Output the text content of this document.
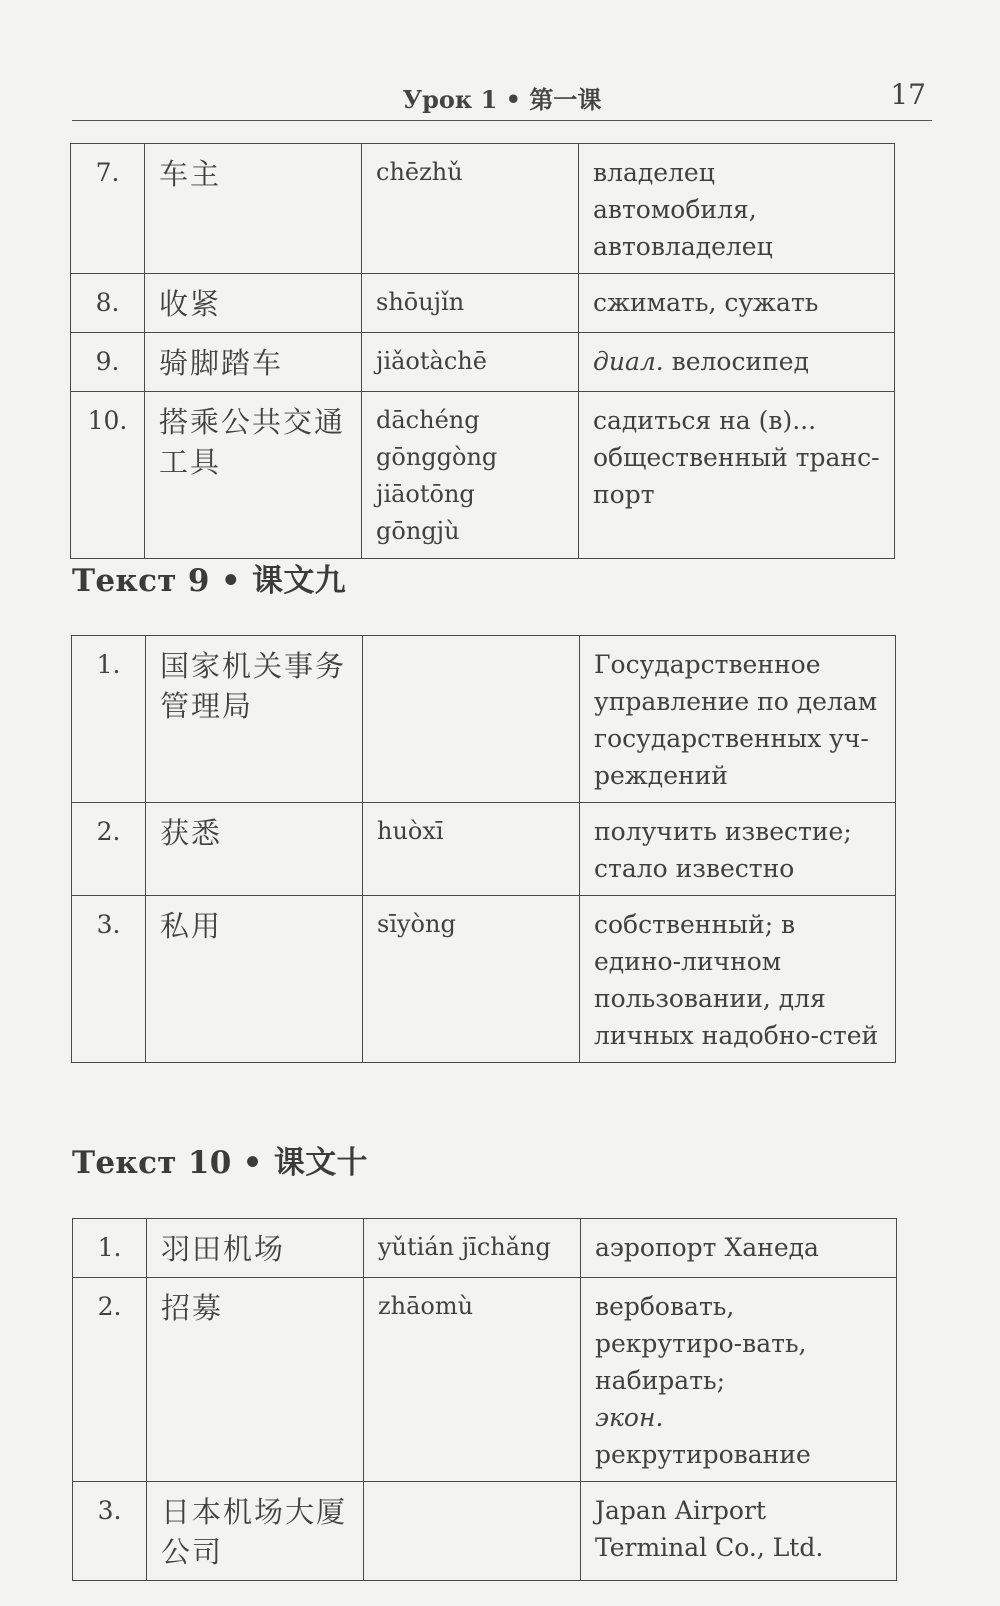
Урок 1 • 第一课	17
7.	车主	chēzhǔ	владелец автомобиля, автовладелец
8.	收紧	shōujǐn	сжимать, сужать
9.	骑脚踏车	jiǎotàchē	диал. велосипед
10.	搭乘公共交通工具	dāchéng gōnggòng jiāotōng gōngjù	садиться на (в)... общественный транс-порт
Текст 9 • 课文九
1.	国家机关事务管理局		Государственное управление по делам государственных уч-реждений
2.	获悉	huòxī	получить известие; стало известно
3.	私用	sīyòng	собственный; в едино-личном пользовании, для личных надобно-стей
Текст 10 • 课文十
1.	羽田机场	yǔtián jīchǎng	аэропорт Ханеда
2.	招募	zhāomù	вербовать, рекрутиро-вать, набирать;
экон. рекрутирование

3.	日本机场大厦公司		Japan Airport Terminal Co., Ltd.
